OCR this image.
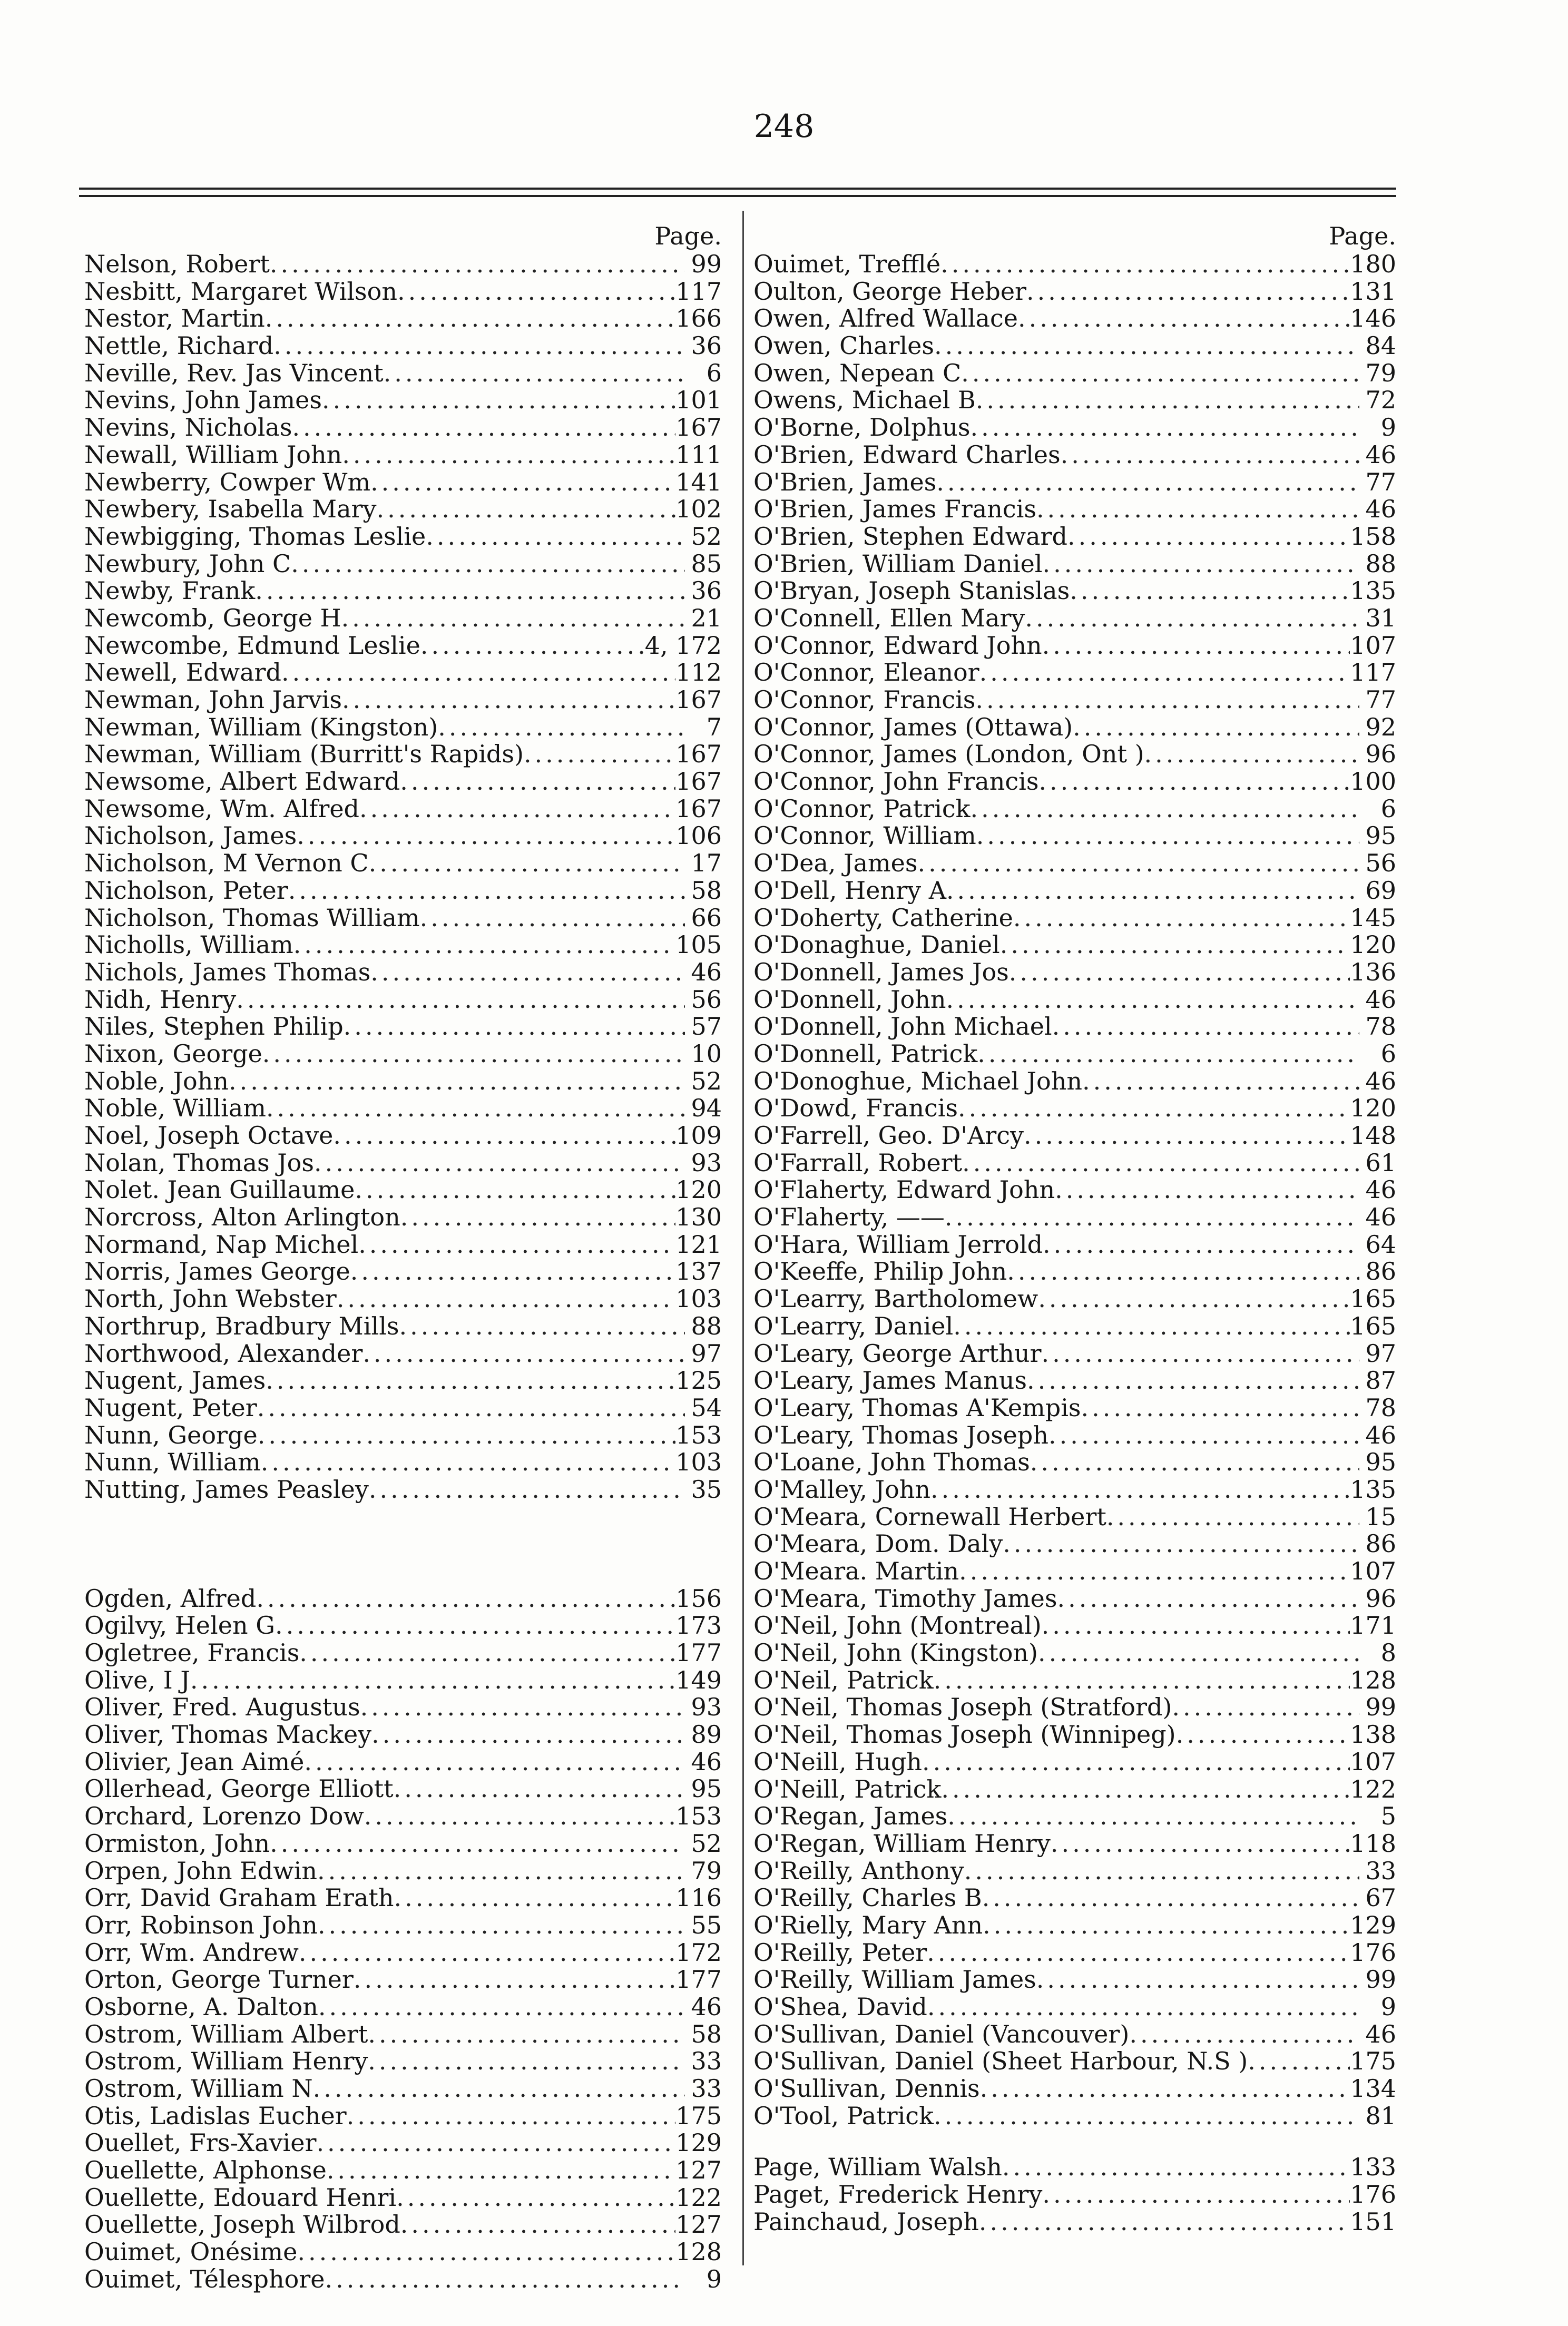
248
Page.
Nelson, Robert .....	99
Nesbitt, Margaret Wilson .....	117
Nestor, Martin .....	166
Nettle, Richard .....	36
Neville, Rev. Jas Vincent .....	6
Nevins, John James .....	101
Nevins, Nicholas .....	167
Newall, William John .....	111
Newberry, Cowper Wm .....	141
Newbery, Isabella Mary .....	102
Newbigging, Thomas Leslie .....	52
Newbury, John C .....	85
Newby, Frank .....	36
Newcomb, George H .....	21
Newcombe, Edmund Leslie .....	4, 172
Newell, Edward .....	112
Newman, John Jarvis .....	167
Newman, William (Kingston) .....	7
Newman, William (Burritt's Rapids) .....	167
Newsome, Albert Edward .....	167
Newsome, Wm. Alfred .....	167
Nicholson, James .....	106
Nicholson, M Vernon C .....	17
Nicholson, Peter .....	58
Nicholson, Thomas William .....	66
Nicholls, William .....	105
Nichols, James Thomas .....	46
Nidh, Henry .....	56
Niles, Stephen Philip .....	57
Nixon, George .....	10
Noble, John .....	52
Noble, William .....	94
Noel, Joseph Octave .....	109
Nolan, Thomas Jos .....	93
Nolet. Jean Guillaume .....	120
Norcross, Alton Arlington .....	130
Normand, Nap Michel .....	121
Norris, James George .....	137
North, John Webster .....	103
Northrup, Bradbury Mills .....	88
Northwood, Alexander .....	97
Nugent, James .....	125
Nugent, Peter .....	54
Nunn, George .....	153
Nunn, William .....	103
Nutting, James Peasley .....	35
Ogden, Alfred .....	156
Ogilvy, Helen G .....	173
Ogletree, Francis .....	177
Olive, I J .....	149
Oliver, Fred. Augustus .....	93
Oliver, Thomas Mackey .....	89
Olivier, Jean Aimé .....	46
Ollerhead, George Elliott .....	95
Orchard, Lorenzo Dow .....	153
Ormiston, John .....	52
Orpen, John Edwin .....	79
Orr, David Graham Erath .....	116
Orr, Robinson John .....	55
Orr, Wm. Andrew .....	172
Orton, George Turner .....	177
Osborne, A. Dalton .....	46
Ostrom, William Albert .....	58
Ostrom, William Henry .....	33
Ostrom, William N .....	33
Otis, Ladislas Eucher .....	175
Ouellet, Frs-Xavier .....	129
Ouellette, Alphonse .....	127
Ouellette, Edouard Henri .....	122
Ouellette, Joseph Wilbrod .....	127
Ouimet, Onésime .....	128
Ouimet, Télesphore .....	9
Page.
Ouimet, Trefflé .....	180
Oulton, George Heber .....	131
Owen, Alfred Wallace .....	146
Owen, Charles .....	84
Owen, Nepean C .....	79
Owens, Michael B .....	72
O'Borne, Dolphus .....	9
O'Brien, Edward Charles .....	46
O'Brien, James .....	77
O'Brien, James Francis .....	46
O'Brien, Stephen Edward .....	158
O'Brien, William Daniel .....	88
O'Bryan, Joseph Stanislas .....	135
O'Connell, Ellen Mary .....	31
O'Connor, Edward John .....	107
O'Connor, Eleanor .....	117
O'Connor, Francis .....	77
O'Connor, James (Ottawa) .....	92
O'Connor, James (London, Ont ) .....	96
O'Connor, John Francis .....	100
O'Connor, Patrick .....	6
O'Connor, William .....	95
O'Dea, James .....	56
O'Dell, Henry A .....	69
O'Doherty, Catherine .....	145
O'Donaghue, Daniel .....	120
O'Donnell, James Jos .....	136
O'Donnell, John .....	46
O'Donnell, John Michael .....	78
O'Donnell, Patrick .....	6
O'Donoghue, Michael John .....	46
O'Dowd, Francis .....	120
O'Farrell, Geo. D'Arcy .....	148
O'Farrall, Robert .....	61
O'Flaherty, Edward John .....	46
O'Flaherty, —— .....	46
O'Hara, William Jerrold .....	64
O'Keeffe, Philip John .....	86
O'Learry, Bartholomew .....	165
O'Learry, Daniel .....	165
O'Leary, George Arthur .....	97
O'Leary, James Manus .....	87
O'Leary, Thomas A'Kempis .....	78
O'Leary, Thomas Joseph .....	46
O'Loane, John Thomas .....	95
O'Malley, John .....	135
O'Meara, Cornewall Herbert .....	15
O'Meara, Dom. Daly .....	86
O'Meara. Martin .....	107
O'Meara, Timothy James .....	96
O'Neil, John (Montreal) .....	171
O'Neil, John (Kingston) .....	8
O'Neil, Patrick .....	128
O'Neil, Thomas Joseph (Stratford) .....	99
O'Neil, Thomas Joseph (Winnipeg) .....	138
O'Neill, Hugh .....	107
O'Neill, Patrick .....	122
O'Regan, James .....	5
O'Regan, William Henry .....	118
O'Reilly, Anthony .....	33
O'Reilly, Charles B .....	67
O'Rielly, Mary Ann .....	129
O'Reilly, Peter .....	176
O'Reilly, William James .....	99
O'Shea, David .....	9
O'Sullivan, Daniel (Vancouver) .....	46
O'Sullivan, Daniel (Sheet Harbour, N.S ) .....	175
O'Sullivan, Dennis .....	134
O'Tool, Patrick .....	81
Page, William Walsh .....	133
Paget, Frederick Henry .....	176
Painchaud, Joseph .....	151
